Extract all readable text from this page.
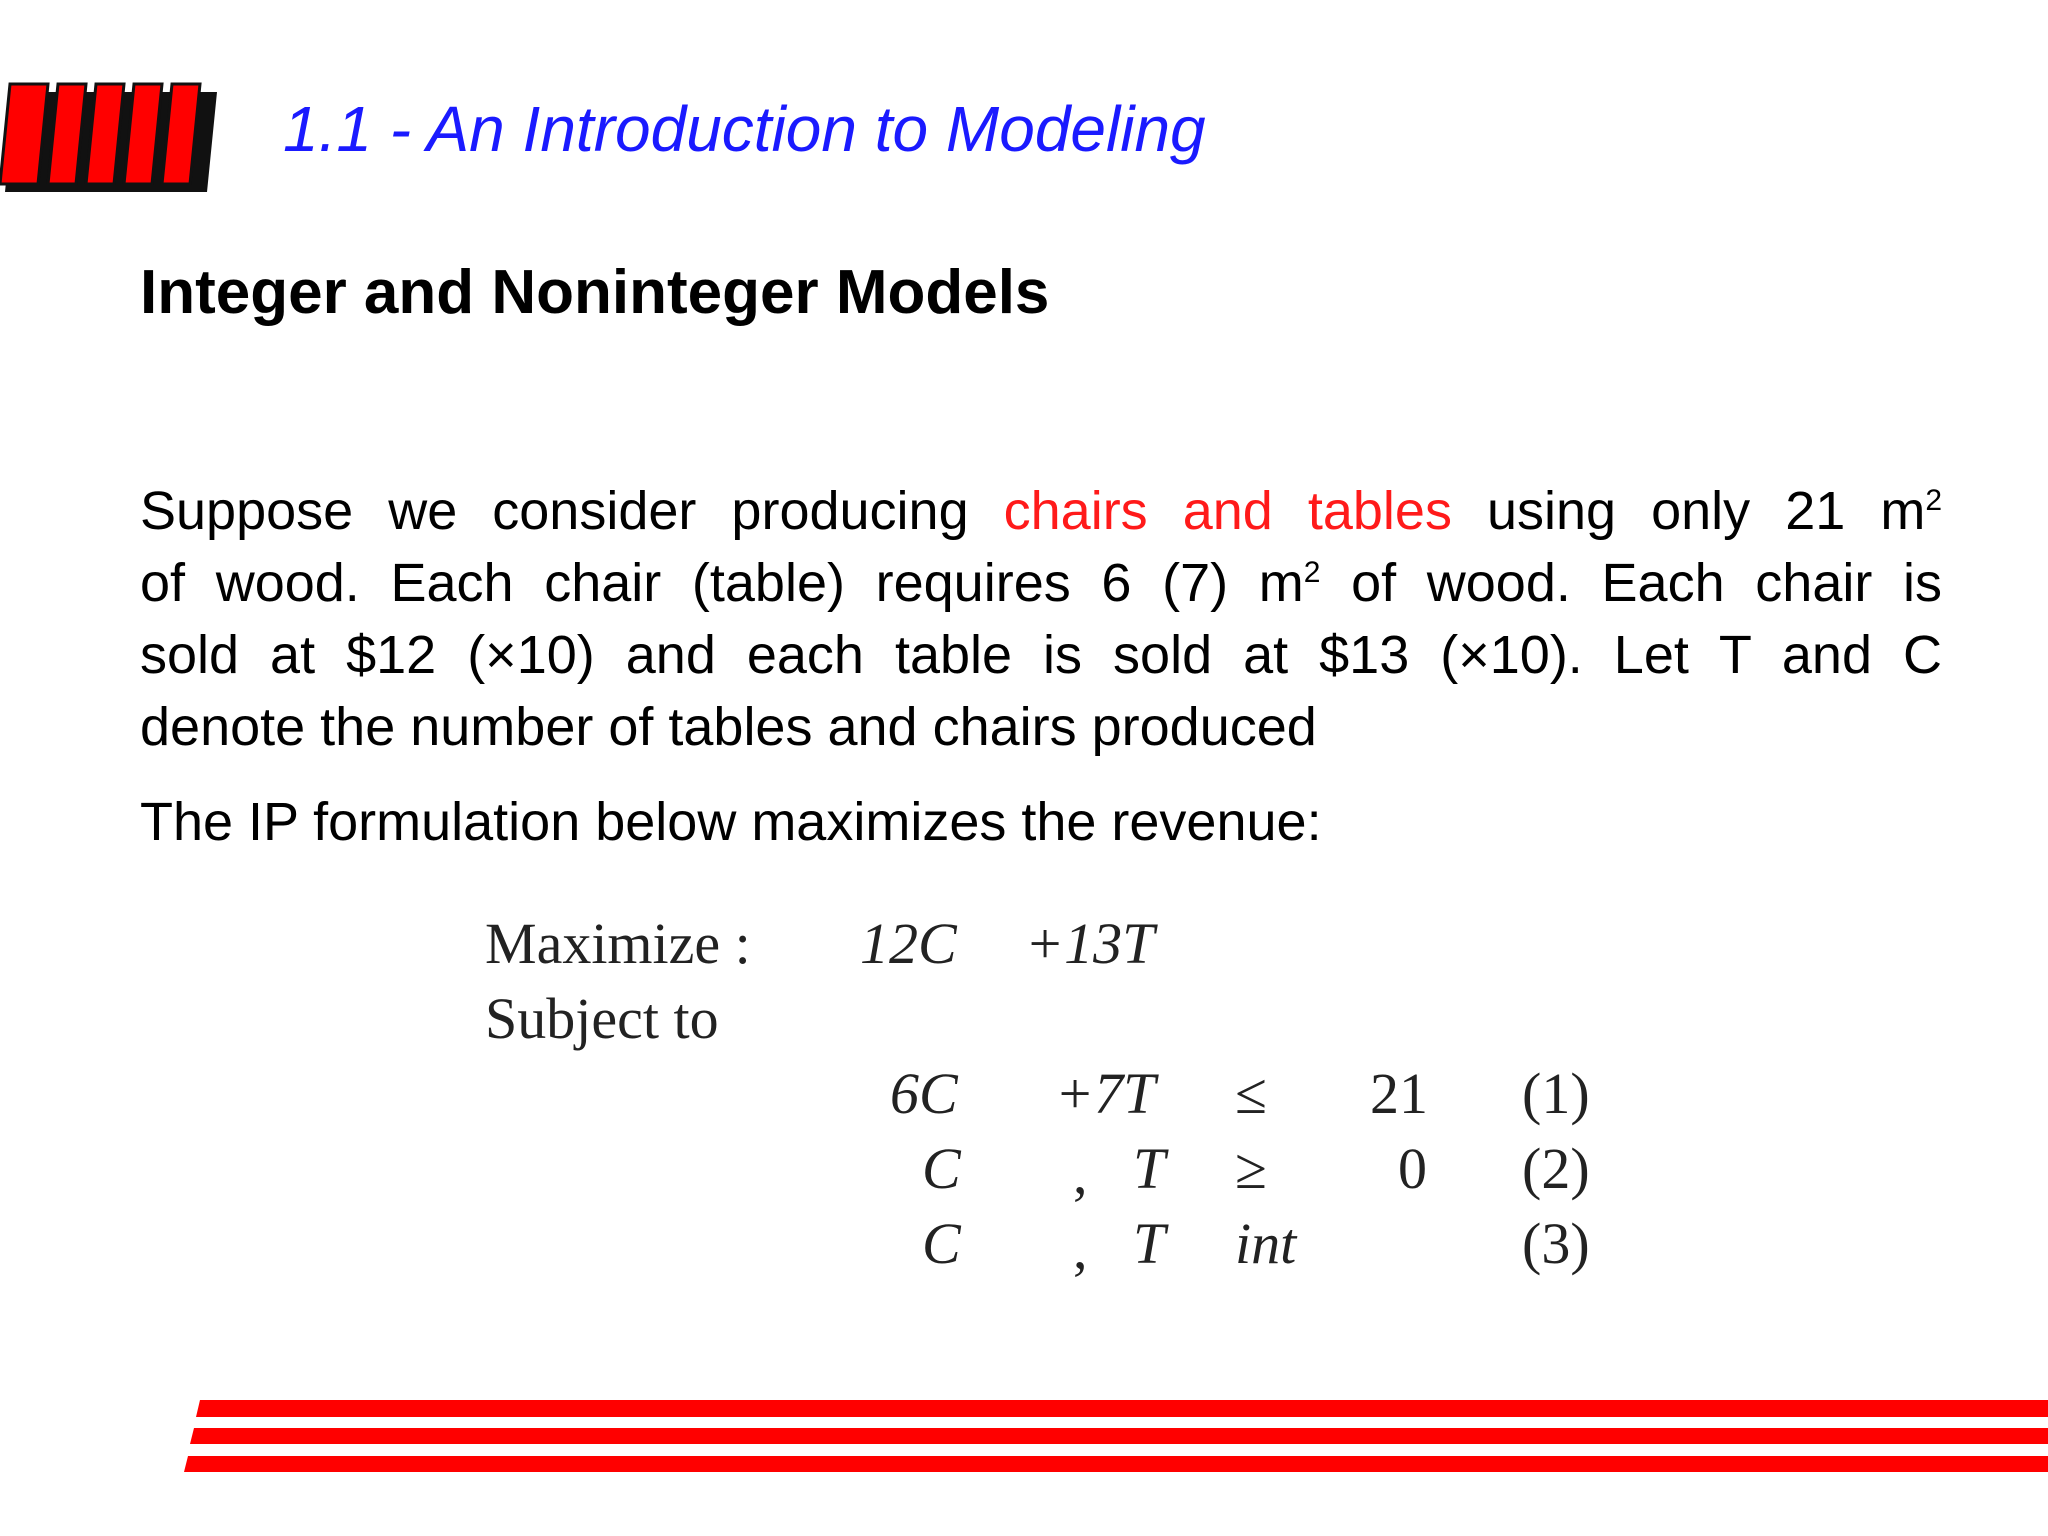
1.1 - An Introduction to Modeling
Integer and Noninteger Models
Suppose we consider producing chairs and tables using only 21 $m^2$
of wood. Each chair (table) requires 6 (7) $m^2$ of wood. Each chair is
sold at $12 (×10) and each table is sold at $13 (×10). Let T and C
denote the number of tables and chairs produced
The IP formulation below maximizes the revenue:
Maximize : 12C +13T
Subject to
6C +7T ≤ 21 (1)
C , T ≥ 0 (2)
C , T int	(3)
